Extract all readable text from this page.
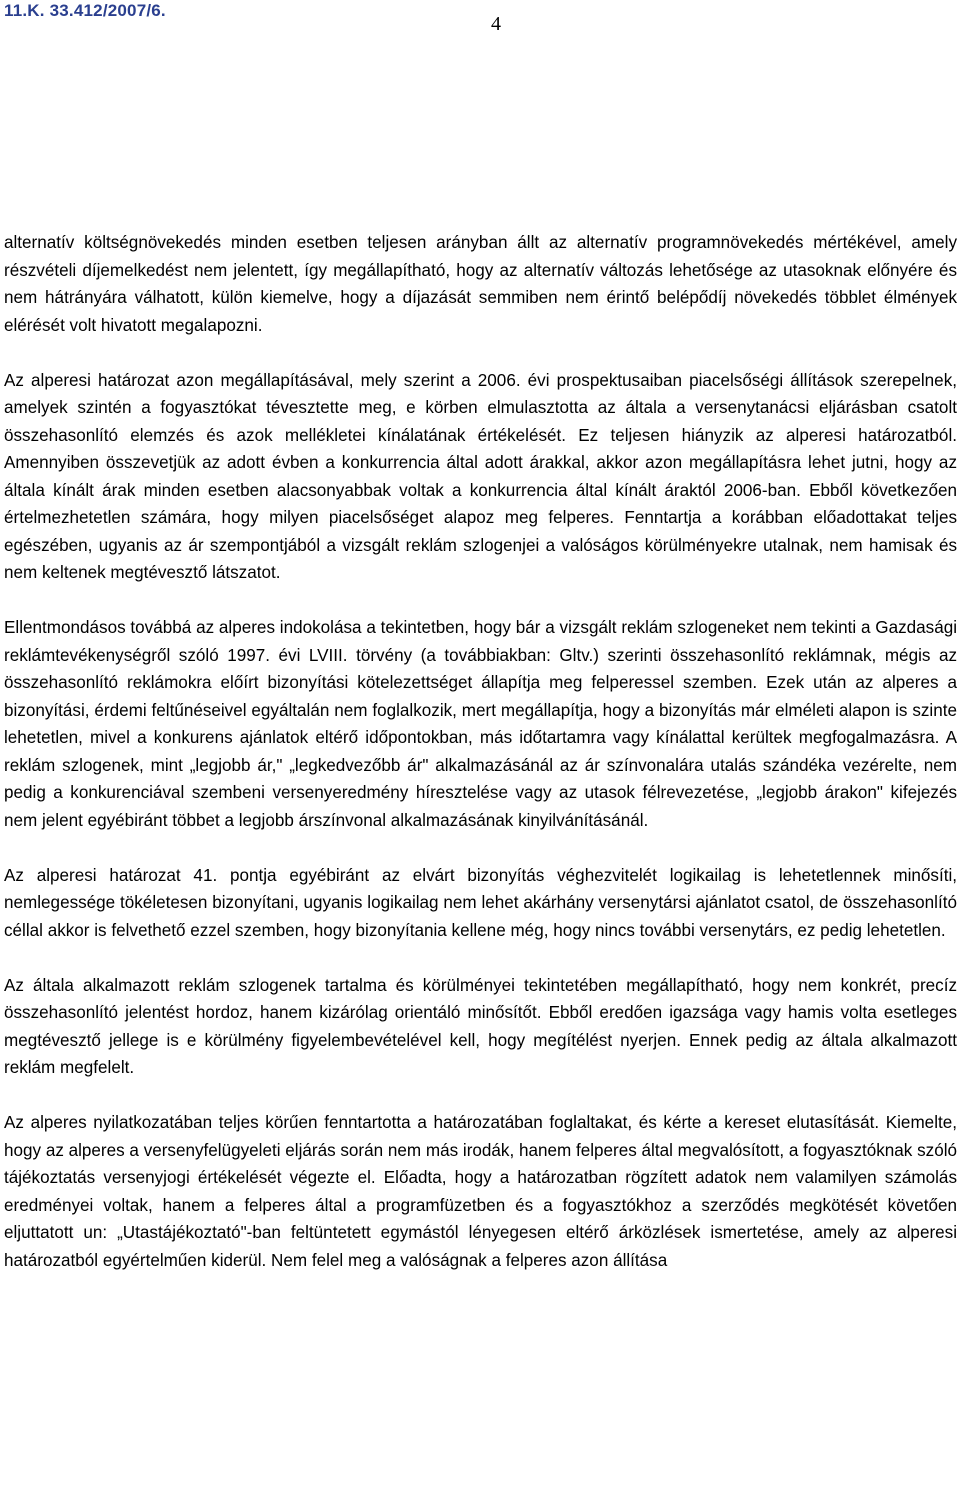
11.K. 33.412/2007/6.
4

alternatív költségnövekedés minden esetben teljesen arányban állt az alternatív programnövekedés mértékével, amely részvételi díjemelkedést nem jelentett, így megállapítható, hogy az alternatív változás lehetősége az utasoknak előnyére és nem hátrányára válhatott, külön kiemelve, hogy a díjazását semmiben nem érintő belépődíj növekedés többlet élmények elérését volt hivatott megalapozni.

Az alperesi határozat azon megállapításával, mely szerint a 2006. évi prospektusaiban piacelsőségi állítások szerepelnek, amelyek szintén a fogyasztókat tévesztette meg, e körben elmulasztotta az általa a versenytanácsi eljárásban csatolt összehasonlító elemzés és azok mellékletei kínálatának értékelését. Ez teljesen hiányzik az alperesi határozatból. Amennyiben összevetjük az adott évben a konkurrencia által adott árakkal, akkor azon megállapításra lehet jutni, hogy az általa kínált árak minden esetben alacsonyabbak voltak a konkurrencia által kínált áraktól 2006-ban. Ebből következően értelmezhetetlen számára, hogy milyen piacelsőséget alapoz meg felperes. Fenntartja a korábban előadottakat teljes egészében, ugyanis az ár szempontjából a vizsgált reklám szlogenjei a valóságos körülményekre utalnak, nem hamisak és nem keltenek megtévesztő látszatot.

Ellentmondásos továbbá az alperes indokolása a tekintetben, hogy bár a vizsgált reklám szlogeneket nem tekinti a Gazdasági reklámtevékenységről szóló 1997. évi LVIII. törvény (a továbbiakban: Gltv.) szerinti összehasonlító reklámnak, mégis az összehasonlító reklámokra előírt bizonyítási kötelezettséget állapítja meg felperessel szemben. Ezek után az alperes a bizonyítási, érdemi feltűnéseivel egyáltalán nem foglalkozik, mert megállapítja, hogy a bizonyítás már elméleti alapon is szinte lehetetlen, mivel a konkurens ajánlatok eltérő időpontokban, más időtartamra vagy kínálattal kerültek megfogalmazásra. A reklám szlogenek, mint „legjobb ár," „legkedvezőbb ár" alkalmazásánál az ár színvonalára utalás szándéka vezérelte, nem pedig a konkurenciával szembeni versenyeredmény híresztelése vagy az utasok félrevezetése, „legjobb árakon" kifejezés nem jelent egyébiránt többet a legjobb árszínvonal alkalmazásának kinyilvánításánál.

Az alperesi határozat 41. pontja egyébiránt az elvárt bizonyítás véghezvitelét logikailag is lehetetlennek minősíti, nemlegessége tökéletesen bizonyítani, ugyanis logikailag nem lehet akárhány versenytársi ajánlatot csatol, de összehasonlító céllal akkor is felvethető ezzel szemben, hogy bizonyítania kellene még, hogy nincs további versenytárs, ez pedig lehetetlen.

Az általa alkalmazott reklám szlogenek tartalma és körülményei tekintetében megállapítható, hogy nem konkrét, precíz összehasonlító jelentést hordoz, hanem kizárólag orientáló minősítőt. Ebből eredően igazsága vagy hamis volta esetleges megtévesztő jellege is e körülmény figyelembevételével kell, hogy megítélést nyerjen. Ennek pedig az általa alkalmazott reklám megfelelt.

Az alperes nyilatkozatában teljes körűen fenntartotta a határozatában foglaltakat, és kérte a kereset elutasítását. Kiemelte, hogy az alperes a versenyfelügyeleti eljárás során nem más irodák, hanem felperes által megvalósított, a fogyasztóknak szóló tájékoztatás versenyjogi értékelését végezte el. Előadta, hogy a határozatban rögzített adatok nem valamilyen számolás eredményei voltak, hanem a felperes által a programfüzetben és a fogyasztókhoz a szerződés megkötését követően eljuttatott un: „Utastájékoztató"-ban feltüntetett egymástól lényegesen eltérő árközlések ismertetése, amely az alperesi határozatból egyértelműen kiderül. Nem felel meg a valóságnak a felperes azon állítása
